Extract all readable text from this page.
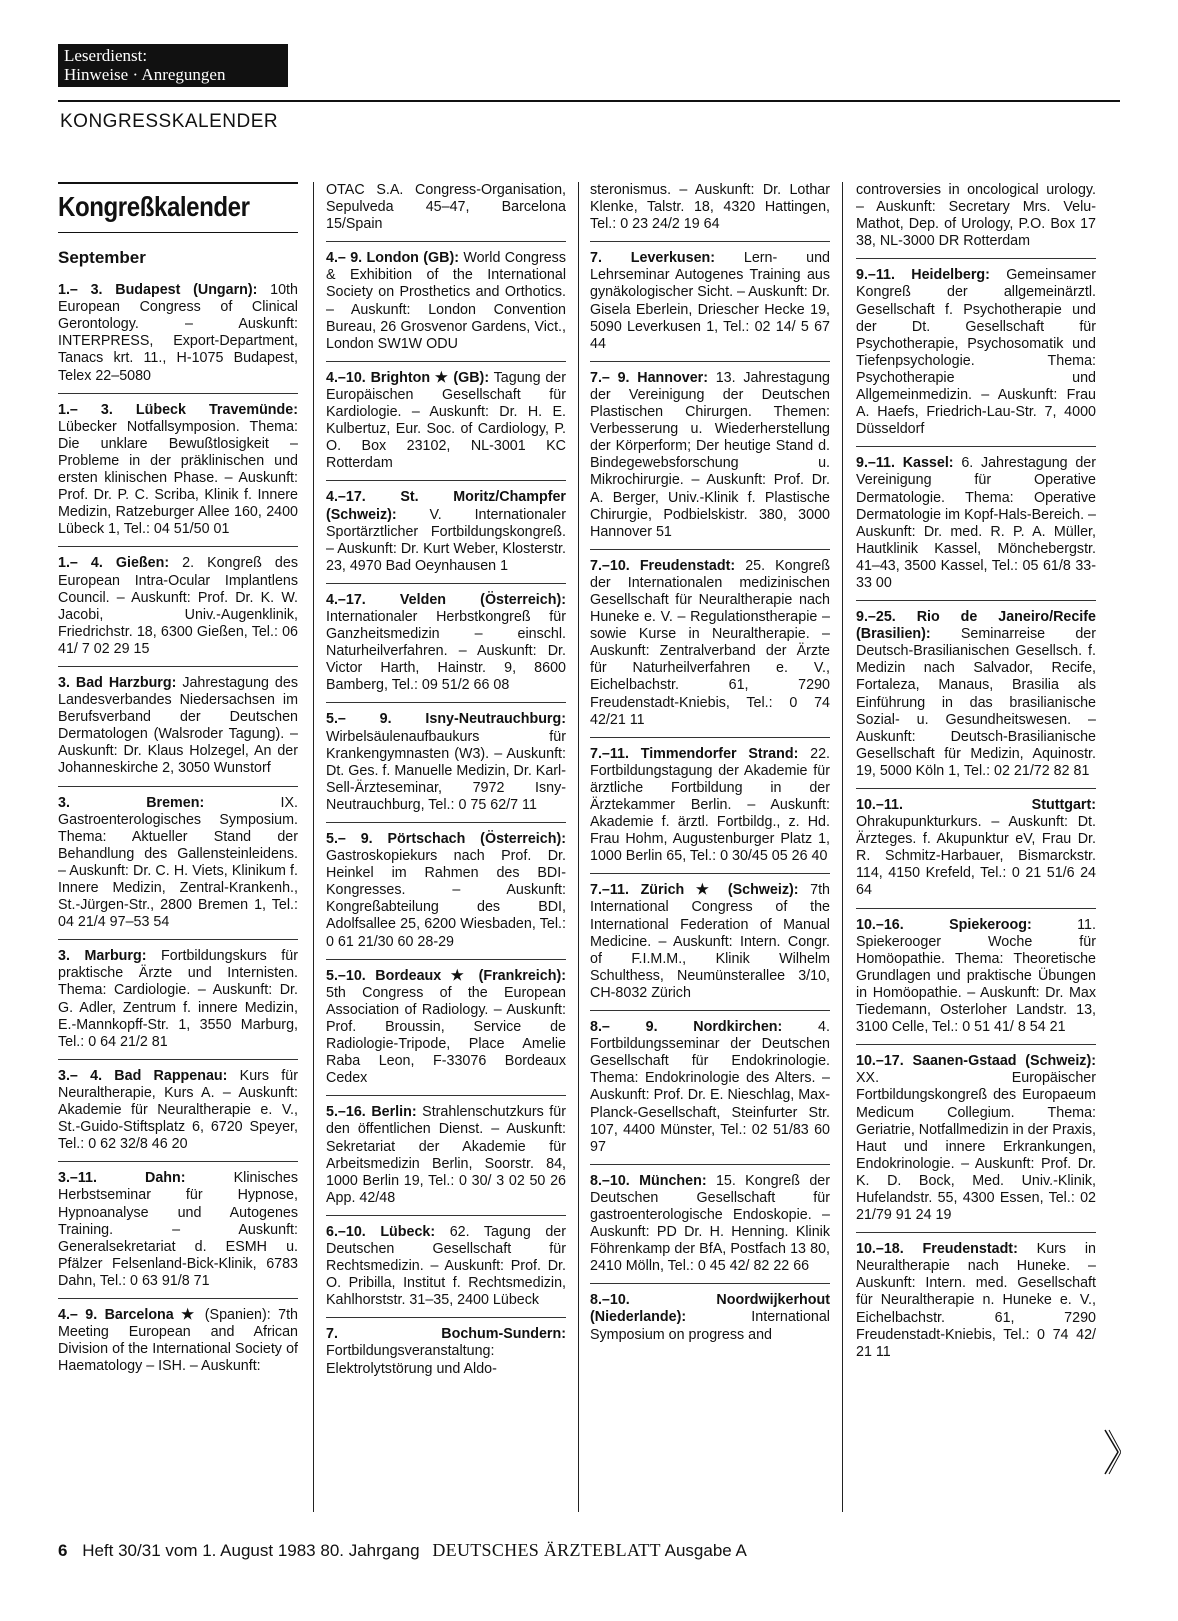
Leserdienst:
Hinweise · Anregungen
KONGRESSKALENDER
Kongreßkalender
September
1.– 3. Budapest (Ungarn): 10th European Congress of Clinical Gerontology. – Auskunft: INTERPRESS, Export-Department, Tanacs krt. 11., H-1075 Budapest, Telex 22–5080
1.– 3. Lübeck Travemünde: Lübecker Notfallsymposion. Thema: Die unklare Bewußtlosigkeit – Probleme in der präklinischen und ersten klinischen Phase. – Auskunft: Prof. Dr. P. C. Scriba, Klinik f. Innere Medizin, Ratzeburger Allee 160, 2400 Lübeck 1, Tel.: 04 51/50 01
1.– 4. Gießen: 2. Kongreß des European Intra-Ocular Implantlens Council. – Auskunft: Prof. Dr. K. W. Jacobi, Univ.-Augenklinik, Friedrichstr. 18, 6300 Gießen, Tel.: 06 41/ 7 02 29 15
3. Bad Harzburg: Jahrestagung des Landesverbandes Niedersachsen im Berufsverband der Deutschen Dermatologen (Walsroder Tagung). – Auskunft: Dr. Klaus Holzegel, An der Johanneskirche 2, 3050 Wunstorf
3.	Bremen:	IX. Gastroenterologisches Symposium. Thema: Aktueller Stand der Behandlung des Gallensteinleidens. – Auskunft: Dr. C. H. Viets, Klinikum f. Innere Medizin, Zentral-Krankenh., St.-Jürgen-Str., 2800 Bremen 1, Tel.: 04 21/4 97–53 54
3. Marburg: Fortbildungskurs für praktische Ärzte und Internisten. Thema: Cardiologie. – Auskunft: Dr. G. Adler, Zentrum f. innere Medizin, E.-Mannkopff-Str. 1, 3550 Marburg, Tel.: 0 64 21/2 81
3.– 4. Bad Rappenau: Kurs für Neuraltherapie, Kurs A. – Auskunft: Akademie für Neuraltherapie e. V., St.-Guido-Stiftsplatz 6, 6720 Speyer, Tel.: 0 62 32/8 46 20
3.–11.	Dahn:	Klinisches Herbstseminar für Hypnose, Hypnoanalyse und Autogenes Training. – Auskunft: Generalsekretariat d. ESMH u. Pfälzer Felsenland-Bick-Klinik, 6783 Dahn, Tel.: 0 63 91/8 71
4.– 9. Barcelona ★ (Spanien): 7th Meeting European and African Division of the International Society of Haematology – ISH. – Auskunft:
OTAC S.A. Congress-Organisation, Sepulveda 45–47, Barcelona 15/Spain
4.– 9. London (GB): World Congress & Exhibition of the International Society on Prosthetics and Orthotics. – Auskunft: London Convention Bureau, 26 Grosvenor Gardens, Vict., London SW1W ODU
4.–10. Brighton ★ (GB): Tagung der Europäischen Gesellschaft für Kardiologie. – Auskunft: Dr. H. E. Kulbertuz, Eur. Soc. of Cardiology, P. O. Box 23102, NL-3001 KC Rotterdam
4.–17. St. Moritz/Champfer (Schweiz): V. Internationaler Sportärztlicher Fortbildungskongreß. – Auskunft: Dr. Kurt Weber, Klosterstr. 23, 4970 Bad Oeynhausen 1
4.–17. Velden (Österreich): Internationaler Herbstkongreß für Ganzheitsmedizin – einschl. Naturheilverfahren. – Auskunft: Dr. Victor Harth, Hainstr. 9, 8600 Bamberg, Tel.: 09 51/2 66 08
5.– 9. Isny-Neutrauchburg: Wirbelsäulenaufbaukurs für Krankengymnasten (W3). – Auskunft: Dt. Ges. f. Manuelle Medizin, Dr. Karl-Sell-Ärzteseminar, 7972 Isny-Neutrauchburg, Tel.: 0 75 62/7 11
5.– 9. Pörtschach (Österreich): Gastroskopiekurs nach Prof. Dr. Heinkel im Rahmen des BDI-Kongresses. – Auskunft: Kongreßabteilung des BDI, Adolfsallee 25, 6200 Wiesbaden, Tel.: 0 61 21/30 60 28-29
5.–10. Bordeaux ★ (Frankreich): 5th Congress of the European Association of Radiology. – Auskunft: Prof. Broussin, Service de Radiologie-Tripode, Place Amelie Raba Leon, F-33076 Bordeaux Cedex
5.–16. Berlin: Strahlenschutzkurs für den öffentlichen Dienst. – Auskunft: Sekretariat der Akademie für Arbeitsmedizin Berlin, Soorstr. 84, 1000 Berlin 19, Tel.: 0 30/ 3 02 50 26 App. 42/48
6.–10. Lübeck: 62. Tagung der Deutschen Gesellschaft für Rechtsmedizin. – Auskunft: Prof. Dr. O. Pribilla, Institut f. Rechtsmedizin, Kahlhorststr. 31–35, 2400 Lübeck
7.	Bochum-Sundern: Fortbildungsveranstaltung: Elektrolytstörung und Aldo-
steronismus. – Auskunft: Dr. Lothar Klenke, Talstr. 18, 4320 Hattingen, Tel.: 0 23 24/2 19 64
7. Leverkusen: Lern- und Lehrseminar Autogenes Training aus gynäkologischer Sicht. – Auskunft: Dr. Gisela Eberlein, Driescher Hecke 19, 5090 Leverkusen 1, Tel.: 02 14/ 5 67 44
7.– 9. Hannover: 13. Jahrestagung der Vereinigung der Deutschen Plastischen Chirurgen. Themen: Verbesserung u. Wiederherstellung der Körperform; Der heutige Stand d. Bindegewebsforschung u. Mikrochirurgie. – Auskunft: Prof. Dr. A. Berger, Univ.-Klinik f. Plastische Chirurgie, Podbielskistr. 380, 3000 Hannover 51
7.–10. Freudenstadt: 25. Kongreß der Internationalen medizinischen Gesellschaft für Neuraltherapie nach Huneke e. V. – Regulationstherapie – sowie Kurse in Neuraltherapie. – Auskunft: Zentralverband der Ärzte für Naturheilverfahren e. V., Eichelbachstr. 61, 7290 Freudenstadt-Kniebis, Tel.: 0 74 42/21 11
7.–11. Timmendorfer Strand: 22. Fortbildungstagung der Akademie für ärztliche Fortbildung in der Ärztekammer Berlin. – Auskunft: Akademie f. ärztl. Fortbildg., z. Hd. Frau Hohm, Augustenburger Platz 1, 1000 Berlin 65, Tel.: 0 30/45 05 26 40
7.–11. Zürich ★ (Schweiz): 7th International Congress of the International Federation of Manual Medicine. – Auskunft: Intern. Congr. of F.I.M.M., Klinik Wilhelm Schulthess, Neumünsterallee 3/10, CH-8032 Zürich
8.– 9.	Nordkirchen:	4. Fortbildungsseminar der Deutschen Gesellschaft für Endokrinologie. Thema: Endokrinologie des Alters. – Auskunft: Prof. Dr. E. Nieschlag, Max-Planck-Gesellschaft, Steinfurter Str. 107, 4400 Münster, Tel.: 02 51/83 60 97
8.–10. München: 15. Kongreß der Deutschen Gesellschaft für gastroenterologische Endoskopie. – Auskunft: PD Dr. H. Henning. Klinik Föhrenkamp der BfA, Postfach 13 80, 2410 Mölln, Tel.: 0 45 42/ 82 22 66
8.–10.	Noordwijkerhout (Niederlande):	International Symposium on progress and
controversies in oncological urology. – Auskunft: Secretary Mrs. Velu-Mathot, Dep. of Urology, P.O. Box 17 38, NL-3000 DR Rotterdam
9.–11. Heidelberg: Gemeinsamer Kongreß der allgemeinärztl. Gesellschaft f. Psychotherapie und der Dt. Gesellschaft für Psychotherapie, Psychosomatik und Tiefenpsychologie. Thema: Psychotherapie und Allgemeinmedizin. – Auskunft: Frau A. Haefs, Friedrich-Lau-Str. 7, 4000 Düsseldorf
9.–11. Kassel: 6. Jahrestagung der Vereinigung für Operative Dermatologie. Thema: Operative Dermatologie im Kopf-Hals-Bereich. – Auskunft: Dr. med. R. P. A. Müller, Hautklinik Kassel, Mönchebergstr. 41–43, 3500 Kassel, Tel.: 05 61/8 33-33 00
9.–25. Rio de Janeiro/Recife (Brasilien): Seminarreise der Deutsch-Brasilianischen Gesellsch. f. Medizin nach Salvador, Recife, Fortaleza, Manaus, Brasilia als Einführung in das brasilianische Sozial- u. Gesundheitswesen. – Auskunft: Deutsch-Brasilianische Gesellschaft für Medizin, Aquinostr. 19, 5000 Köln 1, Tel.: 02 21/72 82 81
10.–11.	Stuttgart: Ohrakupunkturkurs. – Auskunft: Dt. Ärzteges. f. Akupunktur eV, Frau Dr. R. Schmitz-Harbauer, Bismarckstr. 114, 4150 Krefeld, Tel.: 0 21 51/6 24 64
10.–16.	Spiekeroog:	11. Spiekerooger Woche für Homöopathie. Thema: Theoretische Grundlagen und praktische Übungen in Homöopathie. – Auskunft: Dr. Max Tiedemann, Osterloher Landstr. 13, 3100 Celle, Tel.: 0 51 41/ 8 54 21
10.–17. Saanen-Gstaad (Schweiz): XX. Europäischer Fortbildungskongreß des Europaeum Medicum Collegium. Thema: Geriatrie, Notfallmedizin in der Praxis, Haut und innere Erkrankungen, Endokrinologie. – Auskunft: Prof. Dr. K. D. Bock, Med. Univ.-Klinik, Hufelandstr. 55, 4300 Essen, Tel.: 02 21/79 91 24 19
10.–18. Freudenstadt: Kurs in Neuraltherapie nach Huneke. – Auskunft: Intern. med. Gesellschaft für Neuraltherapie n. Huneke e. V., Eichelbachstr. 61, 7290 Freudenstadt-Kniebis, Tel.: 0 74 42/ 21 11
6 Heft 30/31 vom 1. August 1983 80. Jahrgang DEUTSCHES ÄRZTEBLATT Ausgabe A
